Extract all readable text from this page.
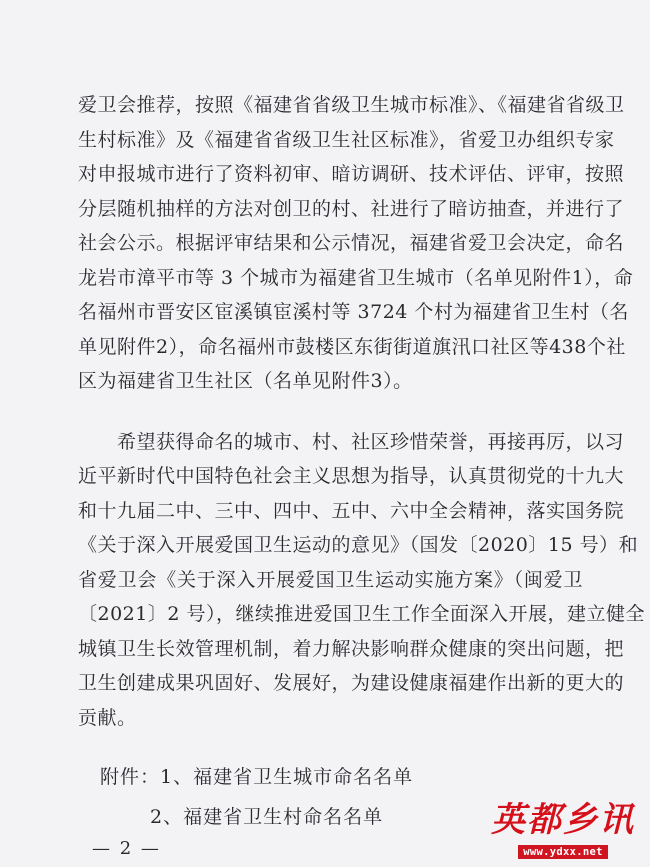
爱卫会推荐，按照《福建省省级卫生城市标准》、《福建省省级卫
生村标准》及《福建省省级卫生社区标准》，省爱卫办组织专家
对申报城市进行了资料初审、暗访调研、技术评估、评审，按照
分层随机抽样的方法对创卫的村、社进行了暗访抽查，并进行了
社会公示。根据评审结果和公示情况，福建省爱卫会决定，命名
龙岩市漳平市等 3 个城市为福建省卫生城市（名单见附件1），命
名福州市晋安区宦溪镇宦溪村等 3724 个村为福建省卫生村（名
单见附件2），命名福州市鼓楼区东街街道旗汛口社区等438个社
区为福建省卫生社区（名单见附件3）。
　　希望获得命名的城市、村、社区珍惜荣誉，再接再厉，以习
近平新时代中国特色社会主义思想为指导，认真贯彻党的十九大
和十九届二中、三中、四中、五中、六中全会精神，落实国务院
《关于深入开展爱国卫生运动的意见》（国发〔2020〕15 号）和
省爱卫会《关于深入开展爱国卫生运动实施方案》（闽爱卫
〔2021〕2 号），继续推进爱国卫生工作全面深入开展，建立健全
城镇卫生长效管理机制，着力解决影响群众健康的突出问题，把
卫生创建成果巩固好、发展好，为建设健康福建作出新的更大的
贡献。
附件：1、福建省卫生城市命名名单
2、福建省卫生村命名名单
— 2 —
英都乡讯
www.ydxx.net
